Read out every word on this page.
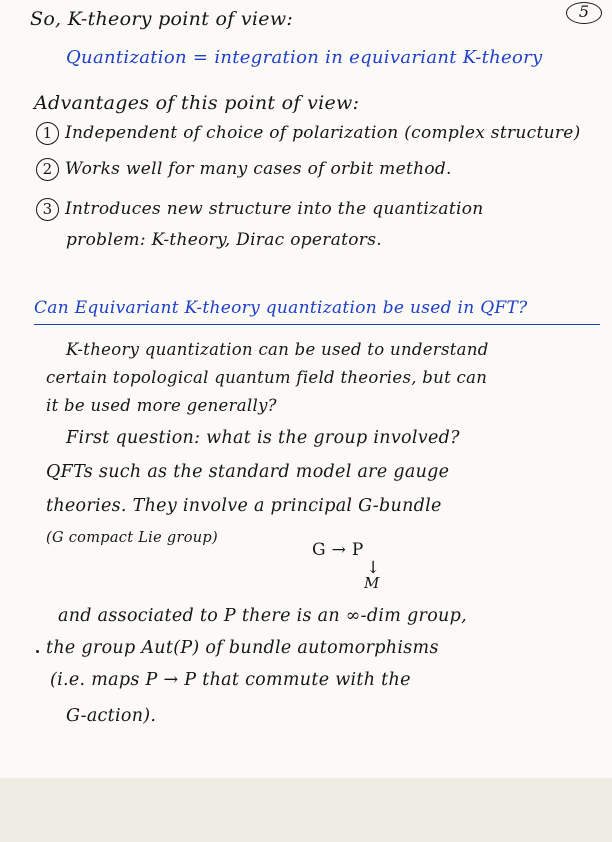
5
So, K-theory point of view:
Quantization = integration in equivariant K-theory
Advantages of this point of view:
1 Independent of choice of polarization (complex structure)
2 Works well for many cases of orbit method.
3 Introduces new structure into the quantization
problem: K-theory, Dirac operators.
Can Equivariant K-theory quantization be used in QFT?
K-theory quantization can be used to understand
certain topological quantum field theories, but can
it be used more generally?
First question: what is the group involved?
QFTs such as the standard model are gauge
theories. They involve a principal G-bundle
(G compact Lie group)
G → P
↓
M
and associated to P there is an ∞-dim group,
the group Aut(P) of bundle automorphisms
(i.e. maps P → P that commute with the
G-action).
